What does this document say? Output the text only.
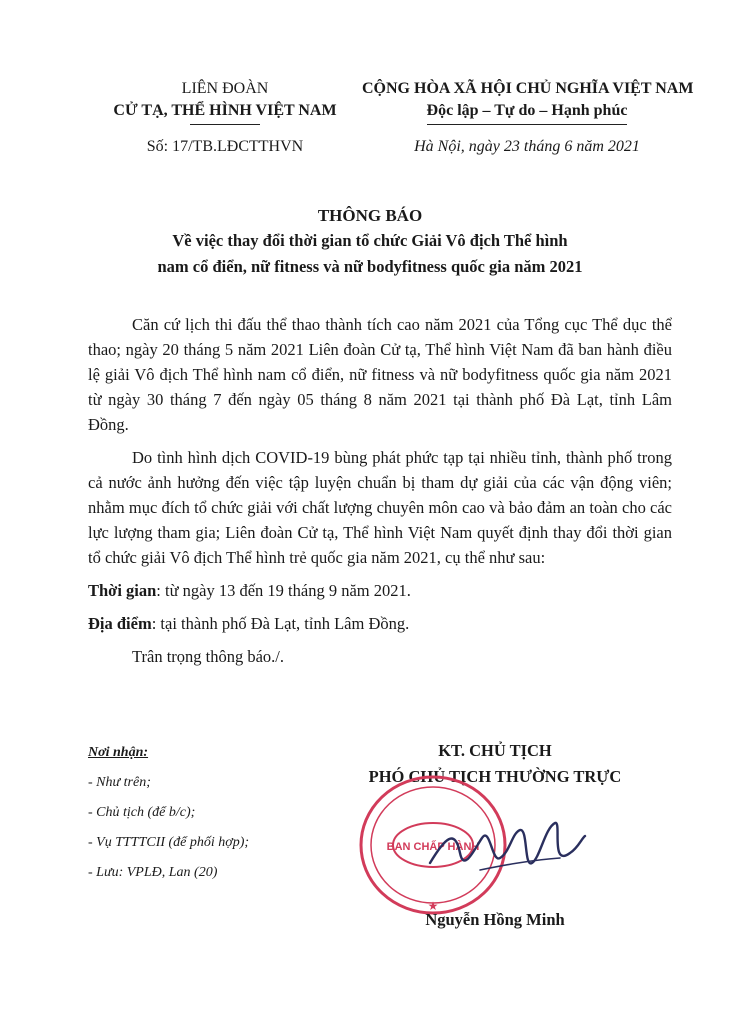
LIÊN ĐOÀN
CỬ TẠ, THỂ HÌNH VIỆT NAM
CỘNG HÒA XÃ HỘI CHỦ NGHĨA VIỆT NAM
Độc lập – Tự do – Hạnh phúc
Số: 17/TB.LĐCTTHVN	Hà Nội, ngày 23 tháng 6 năm 2021
THÔNG BÁO
Về việc thay đổi thời gian tổ chức Giải Vô địch Thể hình
nam cổ điển, nữ fitness và nữ bodyfitness quốc gia năm 2021

Căn cứ lịch thi đấu thể thao thành tích cao năm 2021 của Tổng cục Thể dục thể thao; ngày 20 tháng 5 năm 2021 Liên đoàn Cử tạ, Thể hình Việt Nam đã ban hành điều lệ giải Vô địch Thể hình nam cổ điển, nữ fitness và nữ bodyfitness quốc gia năm 2021 từ ngày 30 tháng 7 đến ngày 05 tháng 8 năm 2021 tại thành phố Đà Lạt, tỉnh Lâm Đồng.

Do tình hình dịch COVID-19 bùng phát phức tạp tại nhiều tỉnh, thành phố trong cả nước ảnh hưởng đến việc tập luyện chuẩn bị tham dự giải của các vận động viên; nhằm mục đích tổ chức giải với chất lượng chuyên môn cao và bảo đảm an toàn cho các lực lượng tham gia; Liên đoàn Cử tạ, Thể hình Việt Nam quyết định thay đổi thời gian tổ chức giải Vô địch Thể hình trẻ quốc gia năm 2021, cụ thể như sau:

Thời gian: từ ngày 13 đến 19 tháng 9 năm 2021.
Địa điểm: tại thành phố Đà Lạt, tỉnh Lâm Đồng.
Trân trọng thông báo./.
Nơi nhận:
- Như trên;
- Chủ tịch (để b/c);
- Vụ TTTTCII (để phối hợp);
- Lưu: VPLĐ, Lan (20)
KT. CHỦ TỊCH
PHÓ CHỦ TỊCH THƯỜNG TRỰC
BAN CHẤP HÀNH
★
Nguyễn Hồng Minh
